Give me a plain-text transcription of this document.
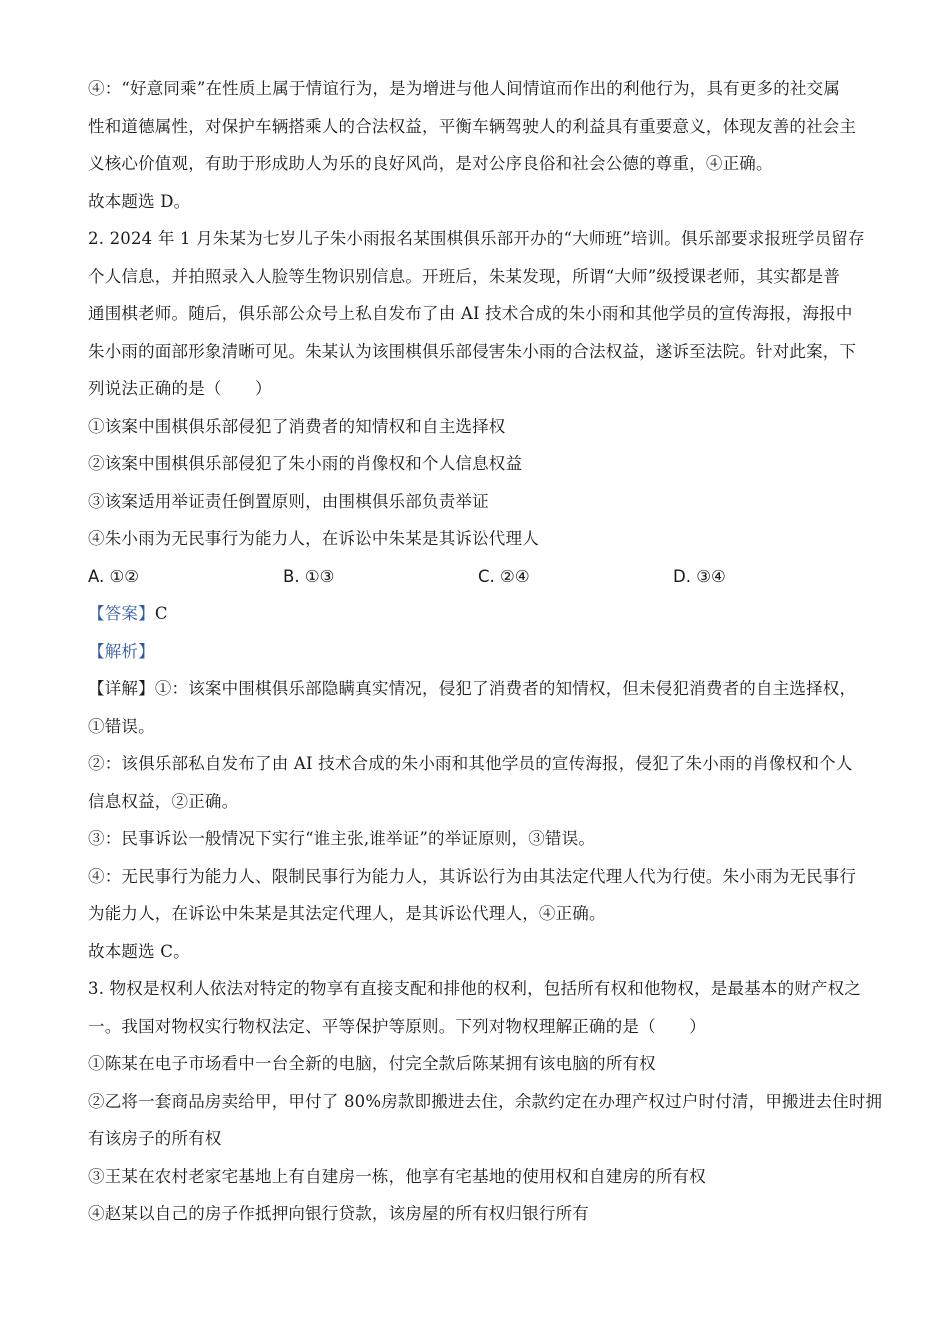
④：“好意同乘”在性质上属于情谊行为，是为增进与他人间情谊而作出的利他行为，具有更多的社交属
性和道德属性，对保护车辆搭乘人的合法权益，平衡车辆驾驶人的利益具有重要意义，体现友善的社会主
义核心价值观，有助于形成助人为乐的良好风尚，是对公序良俗和社会公德的尊重，④正确。
故本题选 D。
2. 2024 年 1 月朱某为七岁儿子朱小雨报名某围棋俱乐部开办的“大师班”培训。俱乐部要求报班学员留存
个人信息，并拍照录入人脸等生物识别信息。开班后，朱某发现，所谓“大师”级授课老师，其实都是普
通围棋老师。随后，俱乐部公众号上私自发布了由 AI 技术合成的朱小雨和其他学员的宣传海报，海报中
朱小雨的面部形象清晰可见。朱某认为该围棋俱乐部侵害朱小雨的合法权益，遂诉至法院。针对此案，下
列说法正确的是（　　）
①该案中围棋俱乐部侵犯了消费者的知情权和自主选择权
②该案中围棋俱乐部侵犯了朱小雨的肖像权和个人信息权益
③该案适用举证责任倒置原则，由围棋俱乐部负责举证
④朱小雨为无民事行为能力人，在诉讼中朱某是其诉讼代理人
A. ①②	B. ①③	C. ②④	D. ③④
【答案】C
【解析】
【详解】①：该案中围棋俱乐部隐瞒真实情况，侵犯了消费者的知情权，但未侵犯消费者的自主选择权，
①错误。
②：该俱乐部私自发布了由 AI 技术合成的朱小雨和其他学员的宣传海报，侵犯了朱小雨的肖像权和个人
信息权益，②正确。
③：民事诉讼一般情况下实行“谁主张,谁举证”的举证原则，③错误。
④：无民事行为能力人、限制民事行为能力人，其诉讼行为由其法定代理人代为行使。朱小雨为无民事行
为能力人，在诉讼中朱某是其法定代理人，是其诉讼代理人，④正确。
故本题选 C。
3. 物权是权利人依法对特定的物享有直接支配和排他的权利，包括所有权和他物权，是最基本的财产权之
一。我国对物权实行物权法定、平等保护等原则。下列对物权理解正确的是（　　）
①陈某在电子市场看中一台全新的电脑，付完全款后陈某拥有该电脑的所有权
②乙将一套商品房卖给甲，甲付了 80%房款即搬进去住，余款约定在办理产权过户时付清，甲搬进去住时拥
有该房子的所有权
③王某在农村老家宅基地上有自建房一栋，他享有宅基地的使用权和自建房的所有权
④赵某以自己的房子作抵押向银行贷款，该房屋的所有权归银行所有
